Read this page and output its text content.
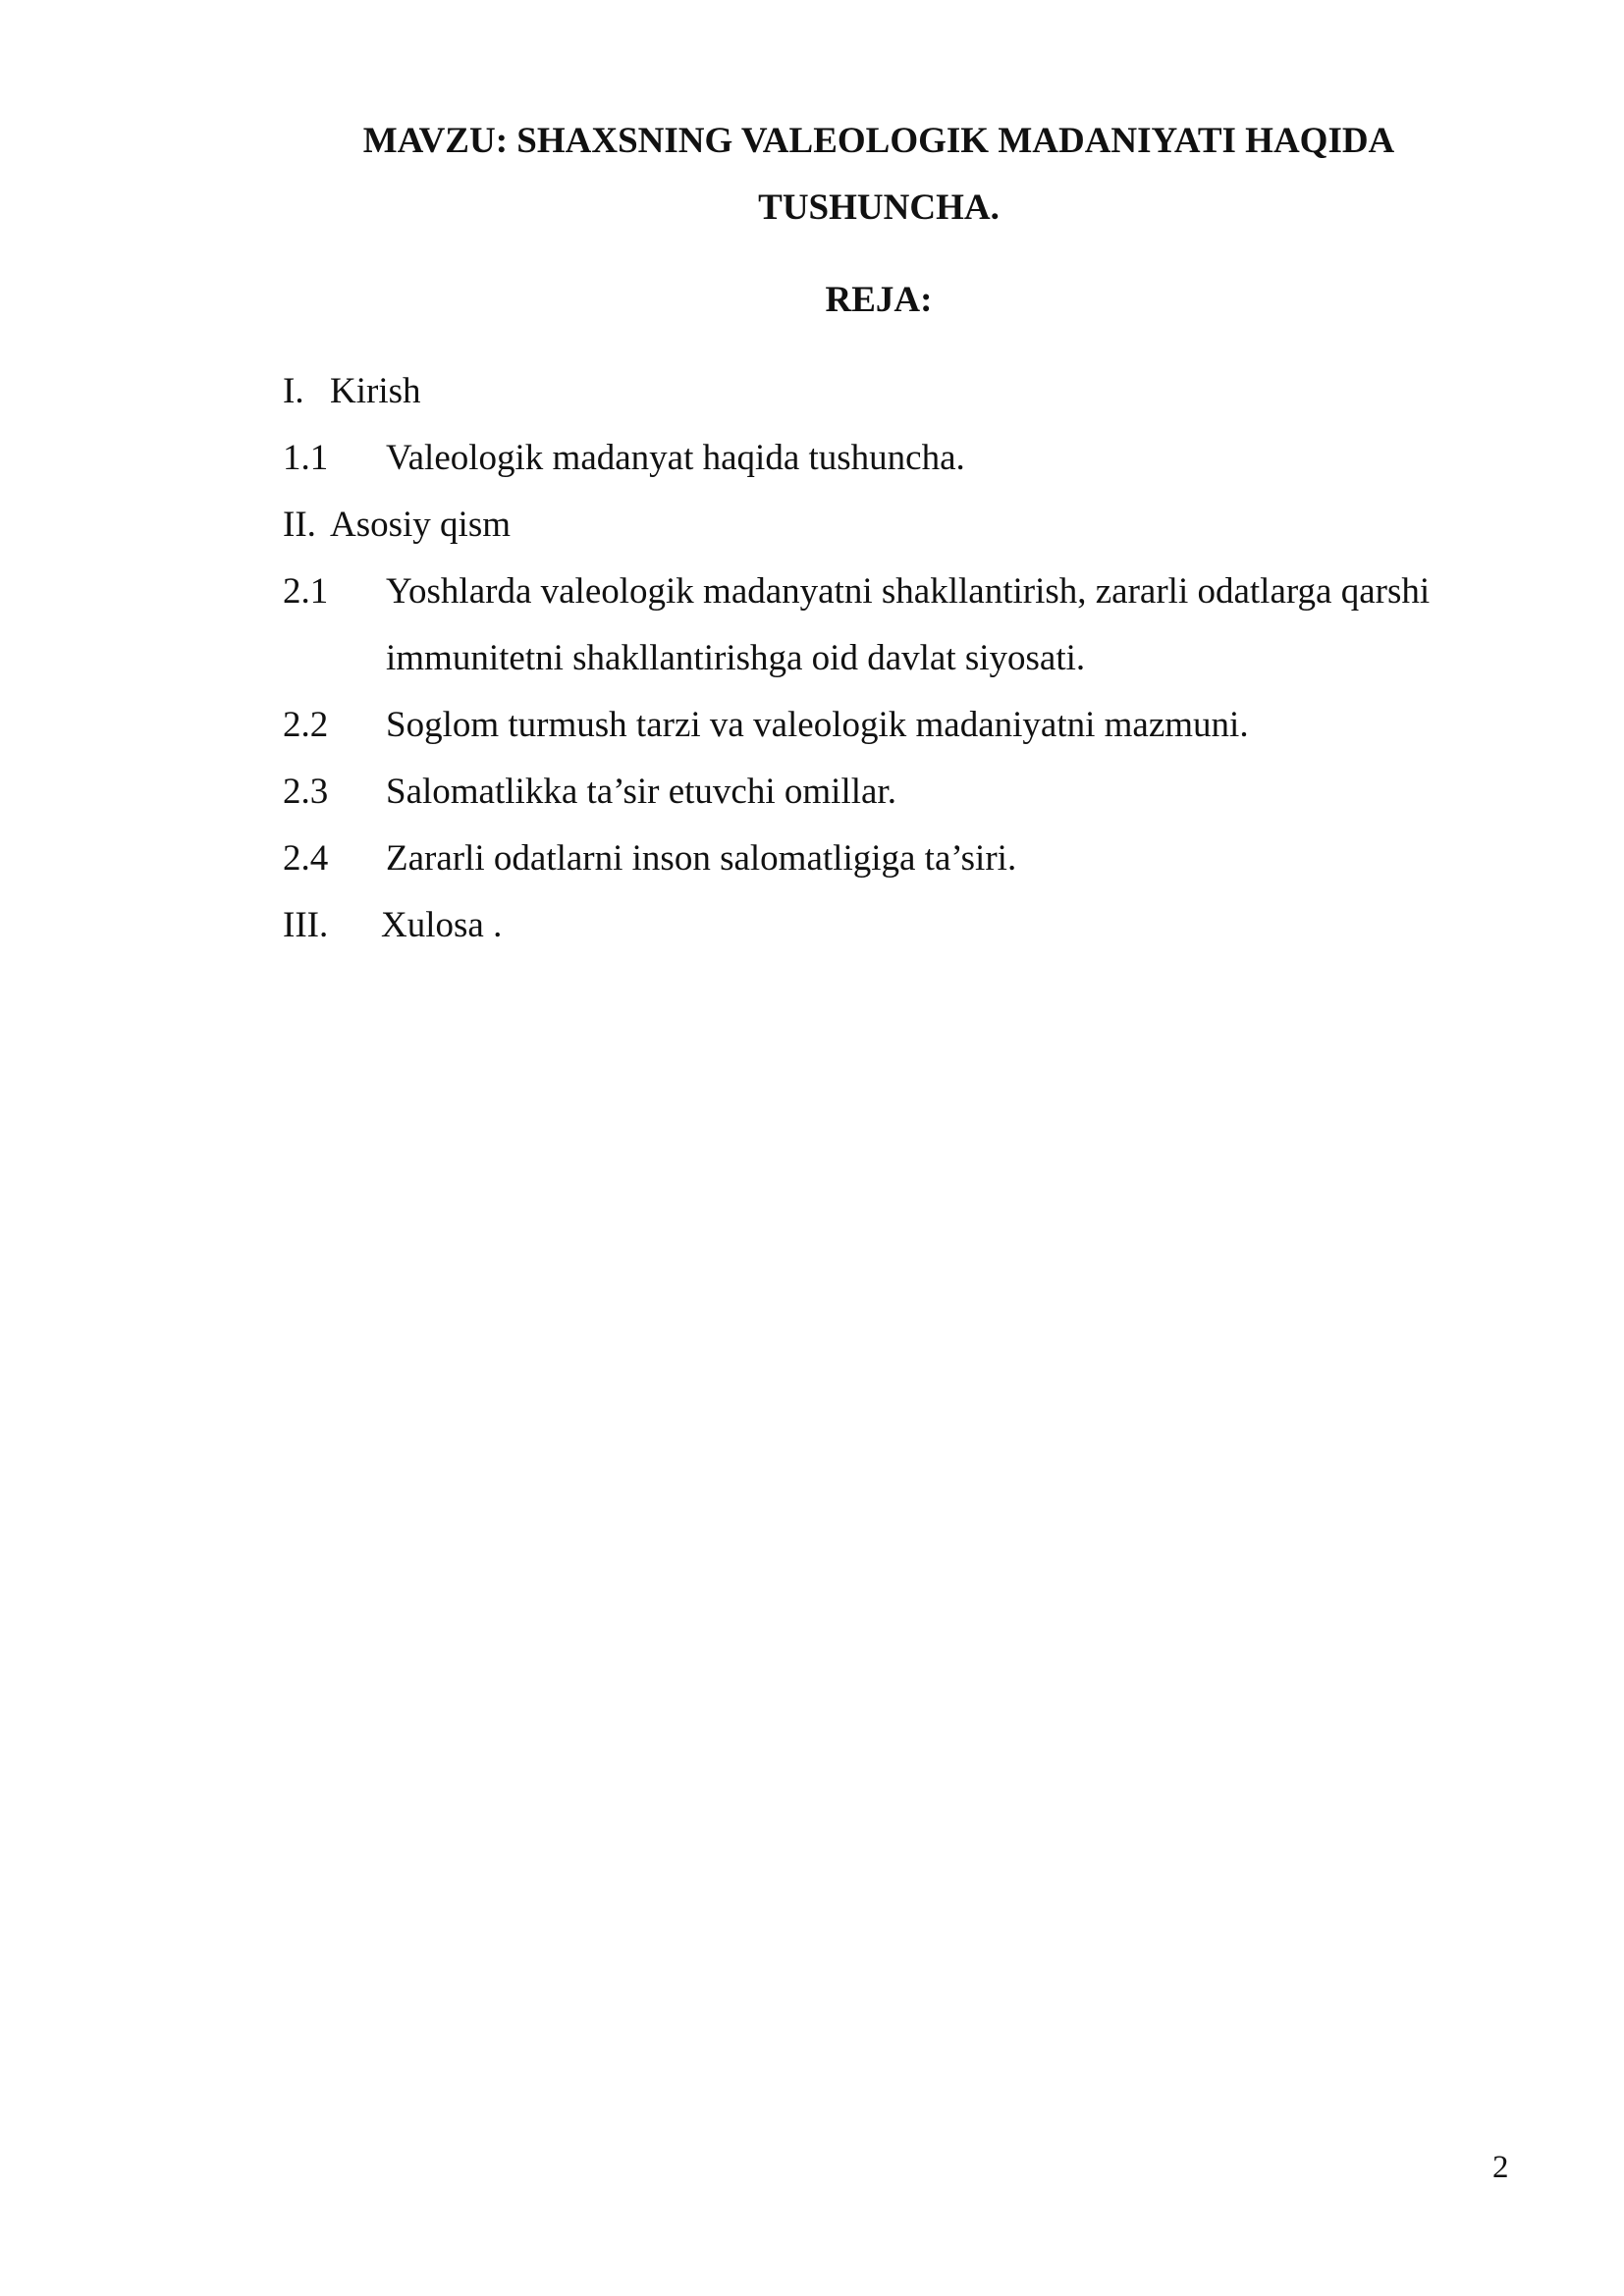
MAVZU: SHAXSNING VALEOLOGIK MADANIYATI HAQIDA
TUSHUNCHA.
REJA:
I. Kirish
1.1 Valeologik madanyat haqida tushuncha.
II. Asosiy qism
2.1 Yoshlarda valeologik madanyatni shakllantirish, zararli odatlarga qarshi
immunitetni shakllantirishga oid davlat siyosati.
2.2 Soglom turmush tarzi va valeologik madaniyatni mazmuni.
2.3 Salomatlikka ta’sir etuvchi omillar.
2.4 Zararli odatlarni inson salomatligiga ta’siri.
III. Xulosa .
2
